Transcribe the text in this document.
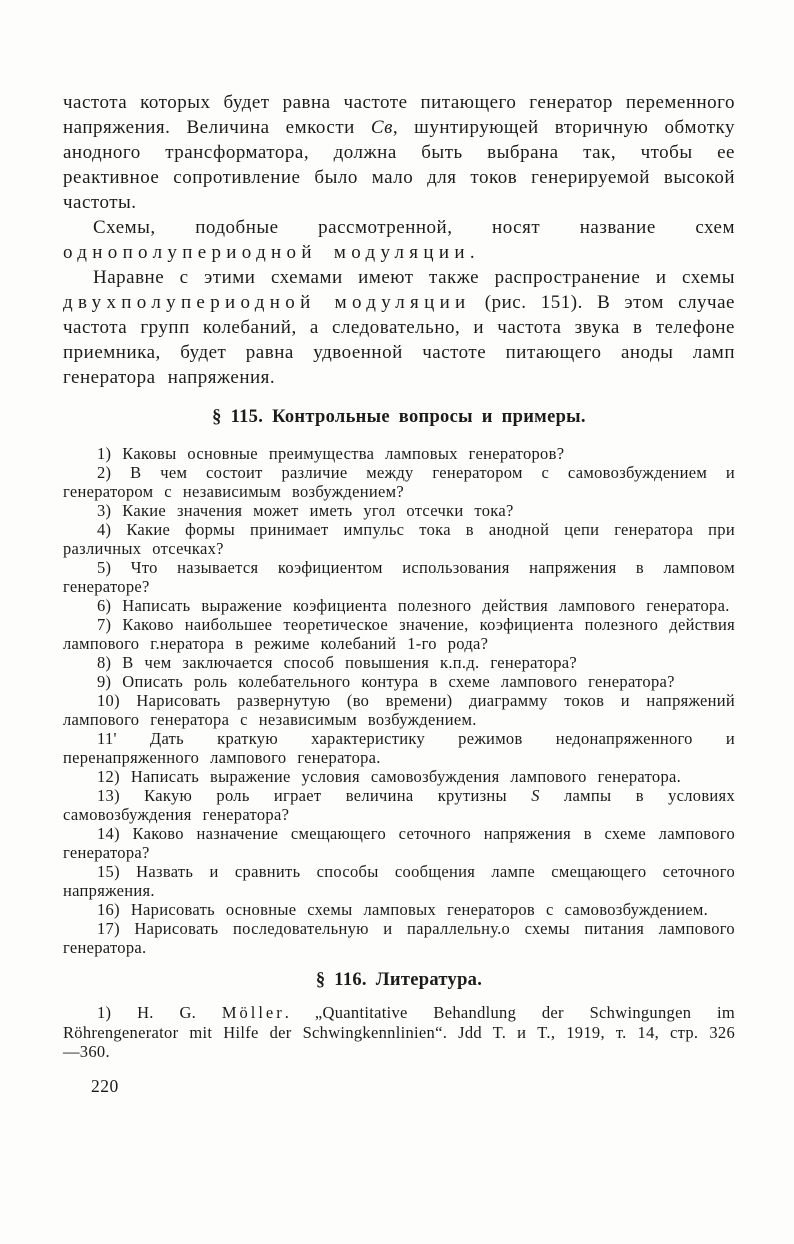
частота которых будет равна частоте питающего генератор переменного напряжения. Величина емкости Св, шунтирующей вторичную обмотку анодного трансформатора, должна быть выбрана так, чтобы ее реактивное сопротивление было мало для токов генерируемой высокой частоты.

Схемы, подобные рассмотренной, носят название схем однополупериодной модуляции.

Наравне с этими схемами имеют также распространение и схемы двухполупериодной модуляции (рис. 151). В этом случае частота групп колебаний, а следовательно, и частота звука в телефоне приемника, будет равна удвоенной частоте питающего аноды ламп генератора напряжения.

§ 115. Контрольные вопросы и примеры.

1) Каковы основные преимущества ламповых генераторов?

2) В чем состоит различие между генератором с самовозбуждением и генератором с независимым возбуждением?

3) Какие значения может иметь угол отсечки тока?

4) Какие формы принимает импульс тока в анодной цепи генератора при различных отсечках?

5) Что называется коэфициентом использования напряжения в ламповом генераторе?

6) Написать выражение коэфициента полезного действия лампового генератора.

7) Каково наибольшее теоретическое значение, коэфициента полезного действия лампового г.нератора в режиме колебаний 1-го рода?

8) В чем заключается способ повышения к.п.д. генератора?

9) Описать роль колебательного контура в схеме лампового генератора?

10) Нарисовать развернутую (во времени) диаграмму токов и напряжений лампового генератора с независимым возбуждением.

11' Дать краткую характеристику режимов недонапряженного и перенапряженного лампового генератора.

12) Написать выражение условия самовозбуждения лампового генератора.

13) Какую роль играет величина крутизны S лампы в условиях самовозбуждения генератора?

14) Каково назначение смещающего сеточного напряжения в схеме лампового генератора?

15) Назвать и сравнить способы сообщения лампе смещающего сеточного напряжения.

16) Нарисовать основные схемы ламповых генераторов с самовозбуждением.

17) Нарисовать последовательную и параллельну.о схемы питания лампового генератора.

§ 116. Литература.

1) H. G. Möller. „Quantitative Behandlung der Schwingungen im Röhrengenerator mit Hilfe der Schwingkennlinien“. Jdd T. и T., 1919, т. 14, стр. 326—360.

220
